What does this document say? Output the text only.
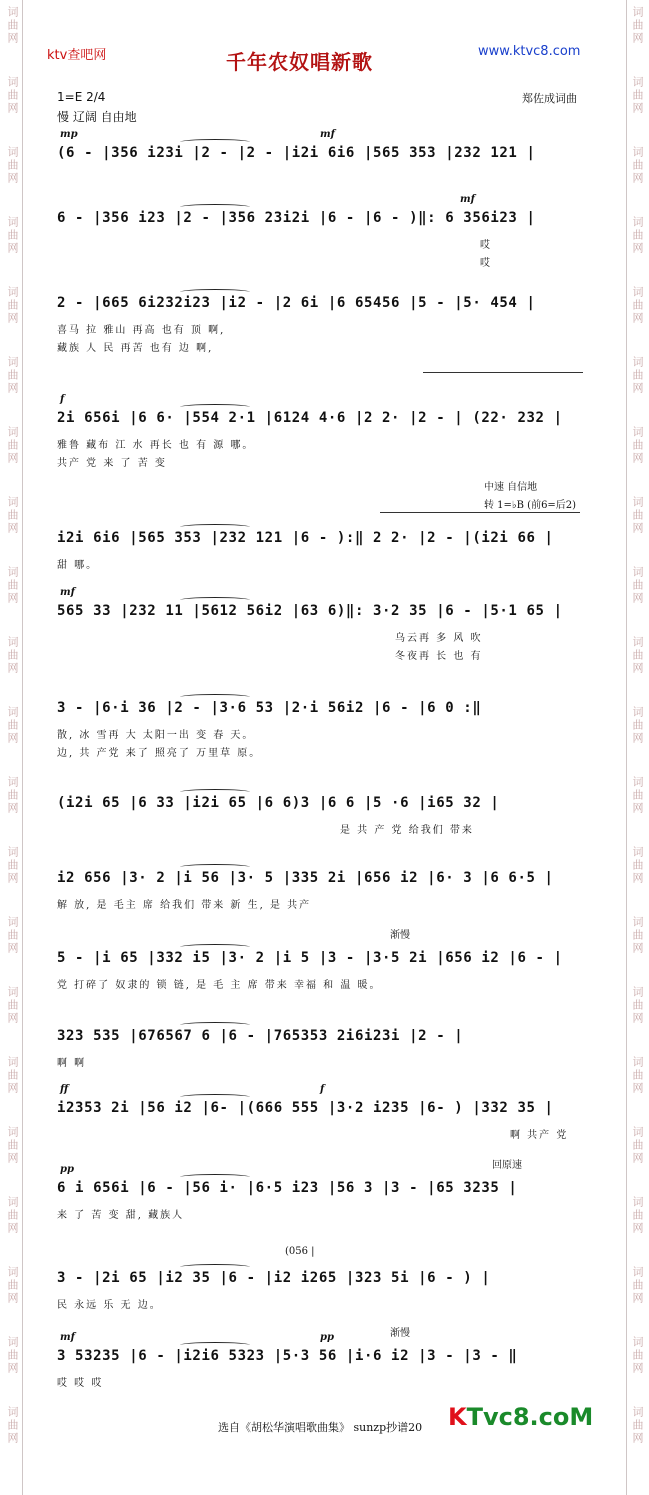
ktv查吧网	千年农奴唱新歌	www.ktvc8.com
1=E 2/4	郑佐成词曲
慢 辽阔 自由地
mp	mf
(6 - |356 i23i |2 - |2 - |i2i 6i6 |565 353 |232 121 |
mf
6 - |356 i23 |2 - |356 23i2i |6 - |6 - )‖: 6 356i23 |
哎
哎
2 - |665 6i232i23 |i2 - |2 6i |6 65456 |5 - |5· 454 |
喜马 拉 雅山 再高 也有 顶 啊,
藏族 人 民 再苦 也有 边 啊,
f
2i 656i |6 6· |554 2·1 |6124 4·6 |2 2· |2 - | (22· 232 |
雅鲁 藏布 江 水 再长 也 有 源 哪。
共产 党 来 了 苦 变
中速 自信地
转 1=♭B (前6=后2)
i2i 6i6 |565 353 |232 121 |6 - ):‖ 2 2· |2 - |(i2i 66 |
甜 哪。
mf
565 33 |232 11 |5612 56i2 |63 6)‖: 3·2 35 |6 - |5·1 65 |
乌云再 多 风 吹
冬夜再 长 也 有
3 - |6·i 36 |2 - |3·6 53 |2·i 56i2 |6 - |6 0 :‖
散, 冰 雪再 大 太阳一出 变 春 天。
边, 共 产党 来了 照亮了 万里草 原。
(i2i 65 |6 33 |i2i 65 |6 6)3 |6 6 |5 ·6 |i65 32 |
是 共 产 党 给我们 带来
i2 656 |3· 2 |i 56 |3· 5 |335 2i |656 i2 |6· 3 |6 6·5 |
解 放, 是 毛主 席 给我们 带来 新 生, 是 共产
渐慢
5 - |i 65 |332 i5 |3· 2 |i 5 |3 - |3·5 2i |656 i2 |6 - |
党 打碎了 奴隶的 锁 链, 是 毛 主 席 带来 幸福 和 温 暖。
323 535 |676567 6 |6 - |765353 2i6i23i |2 - |
啊 啊
ff	f
i2353 2i |56 i2 |6- |(666 555 |3·2 i235 |6- ) |332 35 |
啊 共产 党
回原速
pp
6 i 656i |6 - |56 i· |6·5 i23 |56 3 |3 - |65 3235 |
来 了 苦 变 甜, 藏族人
(056 |
3 - |2i 65 |i2 35 |6 - |i2 i265 |323 5i |6 - ) |
民 永远 乐 无 边。
渐慢
mf	pp
3 53235 |6 - |i2i6 5323 |5·3 56 |i·6 i2 |3 - |3 - ‖
哎 哎 哎
选自《胡松华演唱歌曲集》 sunzp抄谱20 KTvc8.coM
词曲网	词曲网
词曲网	词曲网
词曲网	词曲网
词曲网	词曲网
词曲网	词曲网
词曲网	词曲网
词曲网	词曲网
词曲网	词曲网
词曲网	词曲网
词曲网	词曲网
词曲网	词曲网
词曲网	词曲网
词曲网	词曲网
词曲网	词曲网
词曲网	词曲网
词曲网	词曲网
词曲网	词曲网
词曲网	词曲网
词曲网	词曲网
词曲网	词曲网
词曲网	词曲网
